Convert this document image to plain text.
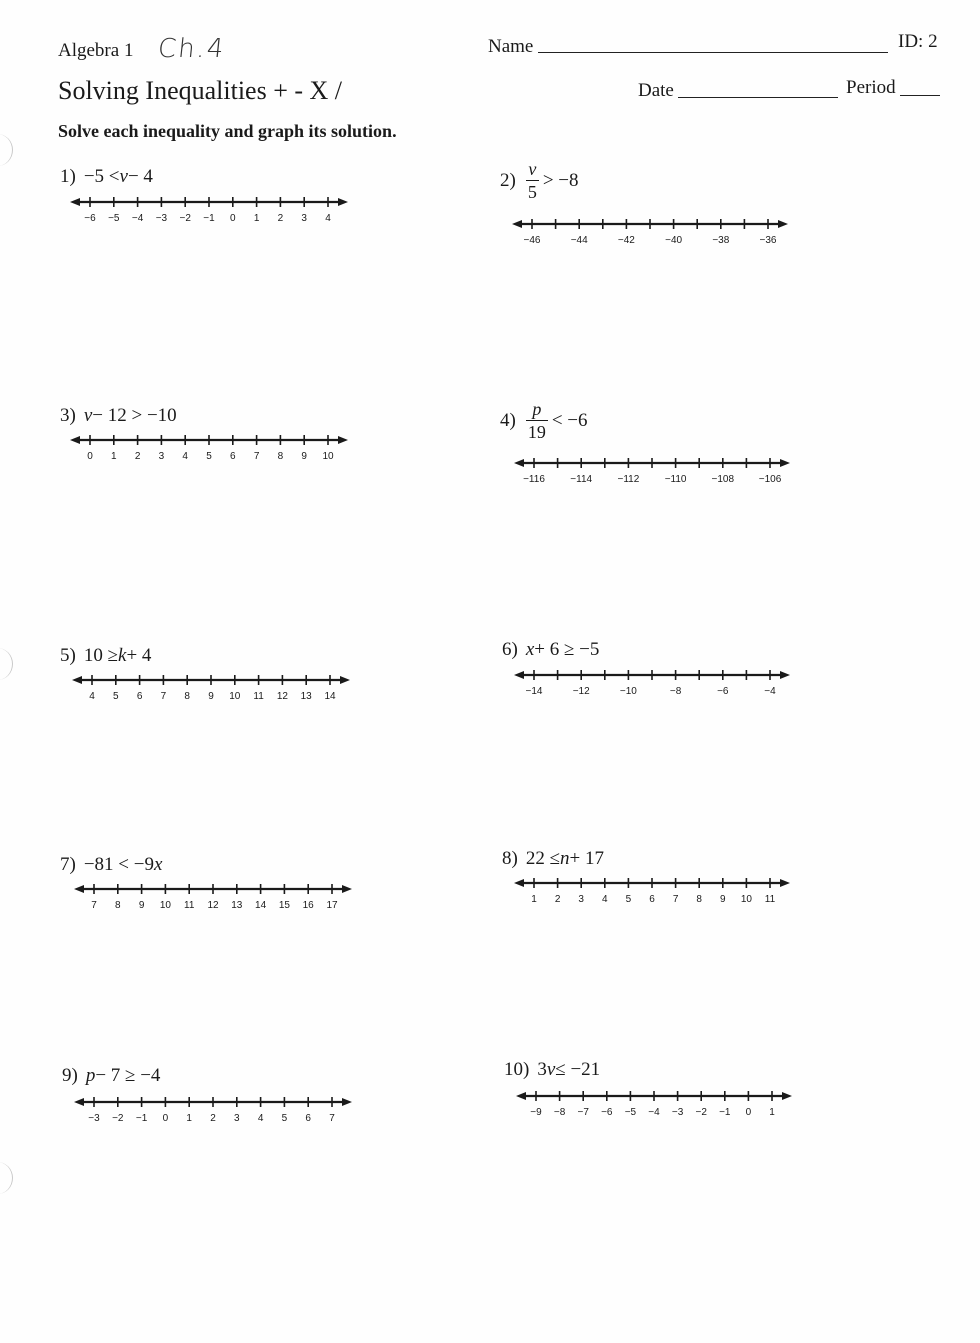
Algebra 1 Ch.4
Solving Inequalities + - X /
Solve each inequality and graph its solution.
Name	ID: 2
Date	Period
1) −5 < v − 4
−6 −5 −4 −3 −2 −1 0 1 2 3 4
$2) \frac{v}{5} > -8$
−46	−44	−42	−40	−38	−36
3) v − 12 > −10
0 1 2 3 4 5 6 7 8 9 10
$4) \frac{p}{19} < -6$
−116	−114	−112	−110	−108 −106
5) 10 ≥ k + 4
4 5 6 7 8 9 10 11 12 13 14
6) x + 6 ≥ −5
−14	−12	−10	−8	−6	−4
7) −81 < −9 x
7 8 9 10 11 12 13 14 15 16 17
8) 22 ≤ n + 17
1 2 3 4 5 6 7 8 9 10 11
9) p − 7 ≥ −4
−3 −2 −1 0 1 2 3 4 5 6 7
10) 3 v ≤ −21
−9 −8 −7 −6 −5 −4 −3 −2 −1 0 1
